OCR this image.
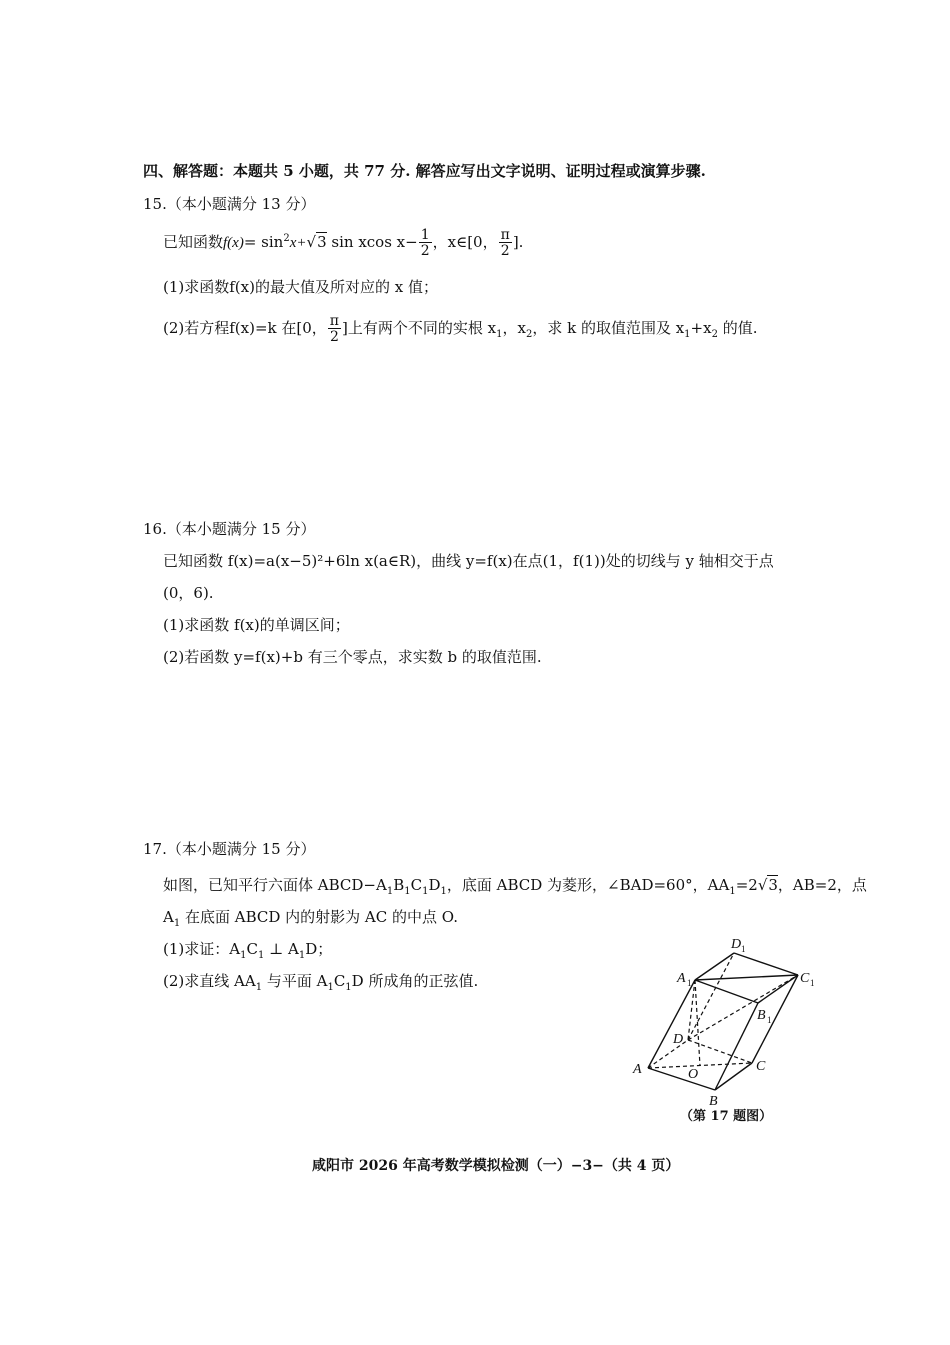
四、解答题：本题共 5 小题，共 77 分. 解答应写出文字说明、证明过程或演算步骤.
15.（本小题满分 13 分）
已知函数$f(x)= \sin^2x+√3$ sin xcos $x- \frac{1}{2}$ ，x∈[0， $\frac{\pi}{2}$ ].
(1)求函数f(x)的最大值及所对应的 x 值；
(2)若方程f(x)=k 在[0， $\frac{\pi}{2}$ ]上有两个不同的实根 $x_1$，$x_2$，求 k 的取值范围及 $x_1+x_2$ 的值.
16.（本小题满分 15 分）
已知函数 f(x)=a(x−5)²+6ln x(a∈R)，曲线 y=f(x)在点(1，f(1))处的切线与 y 轴相交于点
(0，6).
(1)求函数 f(x)的单调区间；
(2)若函数 y=f(x)+b 有三个零点，求实数 b 的取值范围.
17.（本小题满分 15 分）
如图，已知平行六面体 $ABCD-A_1B_1C_1D_1$，底面 ABCD 为菱形，∠BAD=60°，$AA_1=2√3$，AB=2，点
$A_1$ 在底面 ABCD 内的射影为 AC 的中点 O.
(1)求证：$A_1C_1$ ⊥ $A_1D$；
(2)求直线 $AA_1$ 与平面 $A_1C_1D$ 所成角的正弦值.
A
B
C
D
O
A 1
B 1
C 1
D 1
（第 17 题图）
咸阳市 2026 年高考数学模拟检测（一）−3−（共 4 页）
